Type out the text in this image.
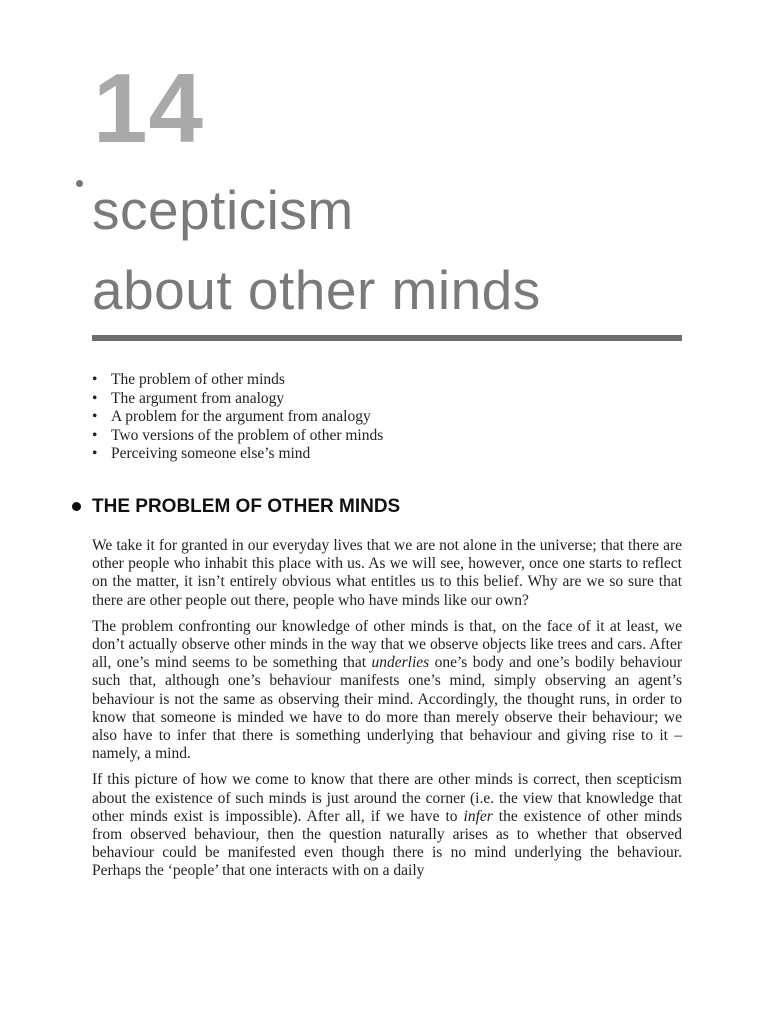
14
scepticism
about other minds
• The problem of other minds
• The argument from analogy
• A problem for the argument from analogy
• Two versions of the problem of other minds
• Perceiving someone else’s mind
THE PROBLEM OF OTHER MINDS

We take it for granted in our everyday lives that we are not alone in the universe; that there are other people who inhabit this place with us. As we will see, however, once one starts to reflect on the matter, it isn’t entirely obvious what entitles us to this belief. Why are we so sure that there are other people out there, people who have minds like our own?

The problem confronting our knowledge of other minds is that, on the face of it at least, we don’t actually observe other minds in the way that we observe objects like trees and cars. After all, one’s mind seems to be something that underlies one’s body and one’s bodily behaviour such that, although one’s behaviour manifests one’s mind, simply observing an agent’s behaviour is not the same as observing their mind. Accordingly, the thought runs, in order to know that someone is minded we have to do more than merely observe their behaviour; we also have to infer that there is something underlying that behaviour and giving rise to it – namely, a mind.

If this picture of how we come to know that there are other minds is correct, then scepticism about the existence of such minds is just around the corner (i.e. the view that knowledge that other minds exist is impossible). After all, if we have to infer the existence of other minds from observed behaviour, then the question naturally arises as to whether that observed behaviour could be manifested even though there is no mind underlying the behaviour. Perhaps the ‘people’ that one interacts with on a daily
